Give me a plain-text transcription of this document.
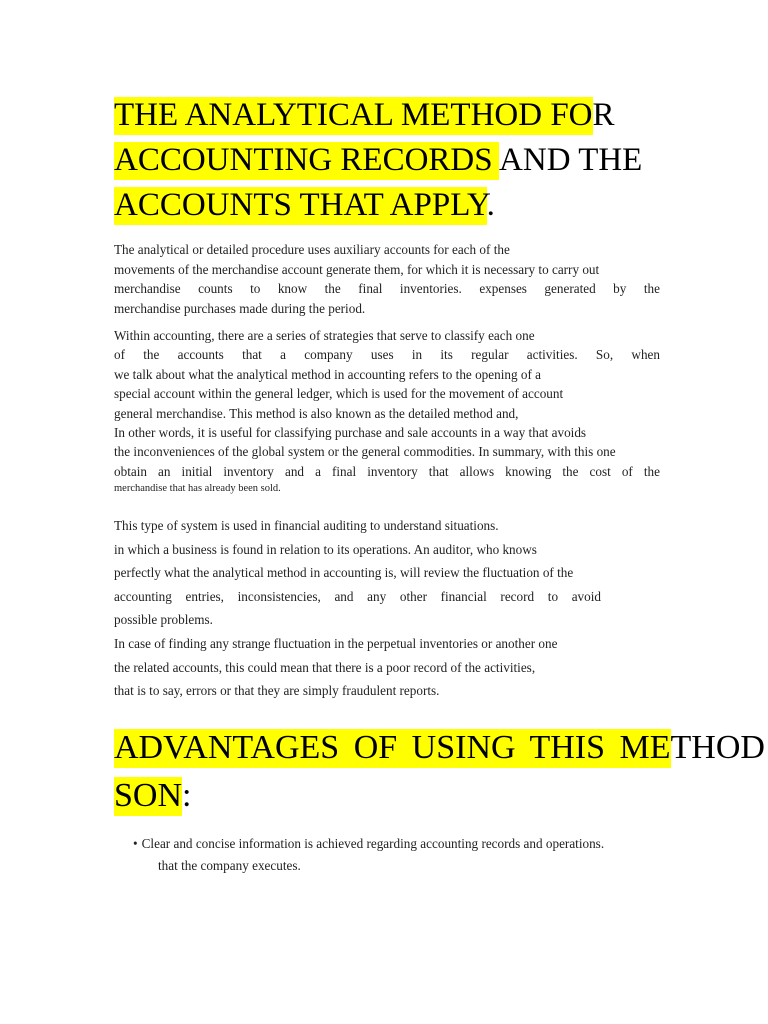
THE ANALYTICAL METHOD FOR
ACCOUNTING RECORDS AND THE
ACCOUNTS THAT APPLY.

The analytical or detailed procedure uses auxiliary accounts for each of the
movements of the merchandise account generate them, for which it is necessary to carry out
merchandise counts to know the final inventories. expenses generated by the
merchandise purchases made during the period.

Within accounting, there are a series of strategies that serve to classify each one
of the accounts that a company uses in its regular activities. So, when
we talk about what the analytical method in accounting refers to the opening of a
special account within the general ledger, which is used for the movement of account
general merchandise. This method is also known as the detailed method and,
In other words, it is useful for classifying purchase and sale accounts in a way that avoids
the inconveniences of the global system or the general commodities. In summary, with this one
obtain an initial inventory and a final inventory that allows knowing the cost of the
merchandise that has already been sold.

This type of system is used in financial auditing to understand situations.
in which a business is found in relation to its operations. An auditor, who knows
perfectly what the analytical method in accounting is, will review the fluctuation of the
accounting entries, inconsistencies, and any other financial record to avoid
possible problems.
In case of finding any strange fluctuation in the perpetual inventories or another one
the related accounts, this could mean that there is a poor record of the activities,
that is to say, errors or that they are simply fraudulent reports.

ADVANTAGES OF USING THIS METHOD
SON:
• Clear and concise information is achieved regarding accounting records and operations.
that the company executes.
